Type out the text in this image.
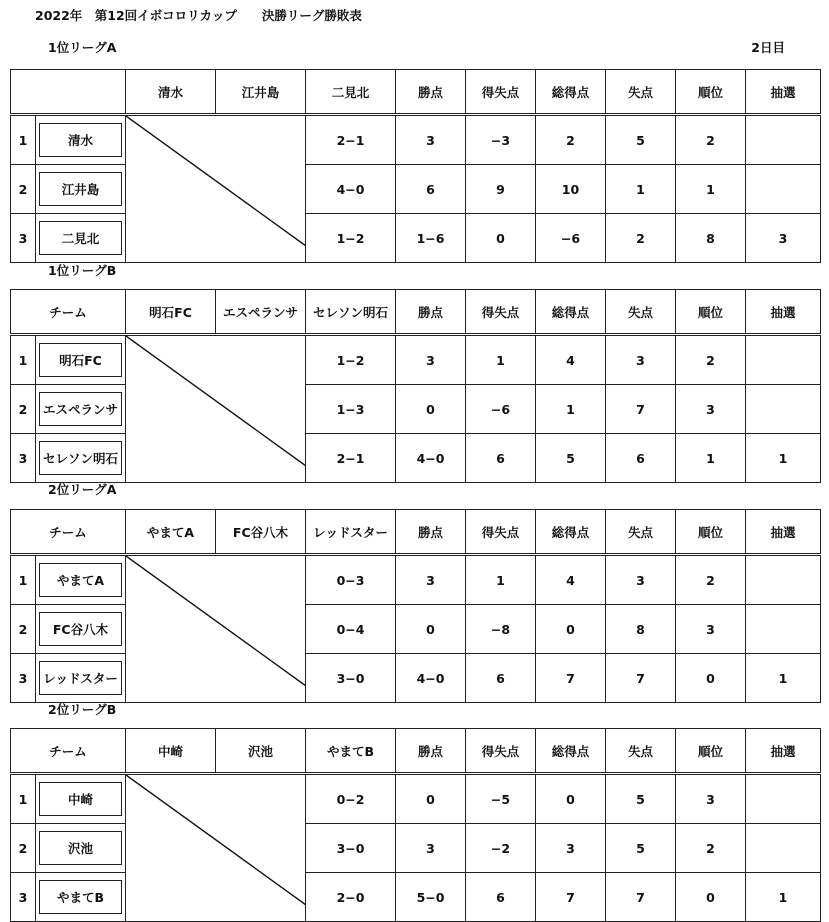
2022年　第12回イボコロリカップ　　決勝リーグ勝敗表
2日目
1位リーグA
		清水	江井島	二見北	勝点	得失点	総得点	失点	順位	抽選	
1	清水			2−1	3	−3	2	5	2		
2	江井島			4−0	6	9	10	1	1		
3	二見北			1−2	1−6	0	−6	2	8	3	
1位リーグB
チーム		明石FC	エスペランサ	セレソン明石	勝点	得失点	総得点	失点	順位	抽選	
1	明石FC			1−2	3	1	4	3	2		
2	エスペランサ			1−3	0	−6	1	7	3		
3	セレソン明石			2−1	4−0	6	5	6	1	1	
2位リーグA
チーム		やまてA	FC谷八木	レッドスター	勝点	得失点	総得点	失点	順位	抽選	
1	やまてA			0−3	3	1	4	3	2		
2	FC谷八木			0−4	0	−8	0	8	3		
3	レッドスター			3−0	4−0	6	7	7	0	1	
2位リーグB
チーム		中崎	沢池	やまてB	勝点	得失点	総得点	失点	順位	抽選	
1	中崎			0−2	0	−5	0	5	3		
2	沢池			3−0	3	−2	3	5	2		
3	やまてB			2−0	5−0	6	7	7	0	1	
